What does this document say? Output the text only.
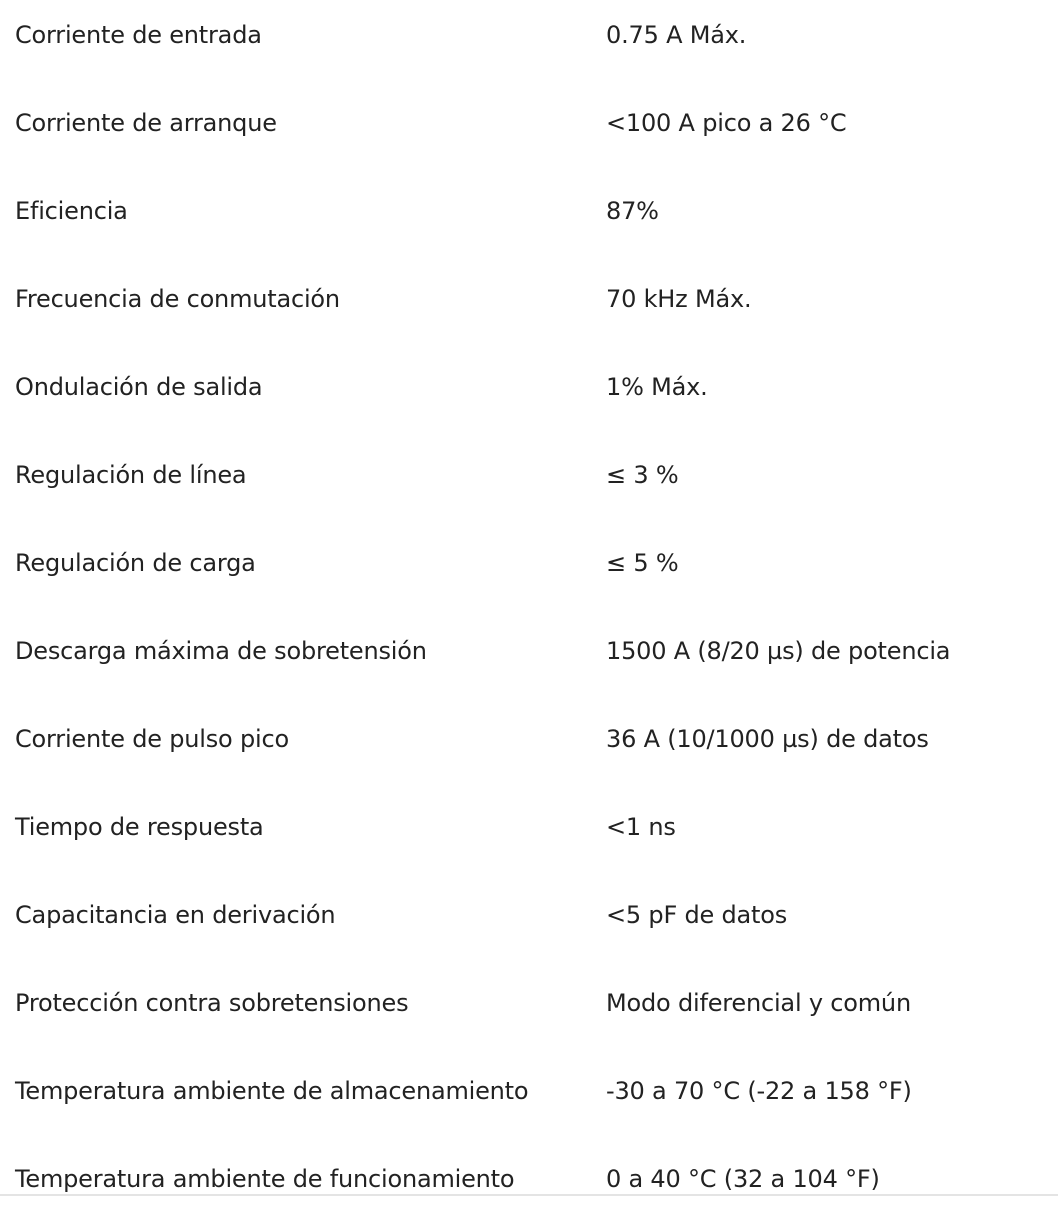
Corriente de entrada	0.75 A Máx.
Corriente de arranque	<100 A pico a 26 °C
Eficiencia	87%
Frecuencia de conmutación	70 kHz Máx.
Ondulación de salida	1% Máx.
Regulación de línea	≤ 3 %
Regulación de carga	≤ 5 %
Descarga máxima de sobretensión	1500 A (8/20 µs) de potencia
Corriente de pulso pico	36 A (10/1000 µs) de datos
Tiempo de respuesta	<1 ns
Capacitancia en derivación	<5 pF de datos
Protección contra sobretensiones	Modo diferencial y común
Temperatura ambiente de almacenamiento	-30 a 70 °C (-22 a 158 °F)
Temperatura ambiente de funcionamiento	0 a 40 °C (32 a 104 °F)
